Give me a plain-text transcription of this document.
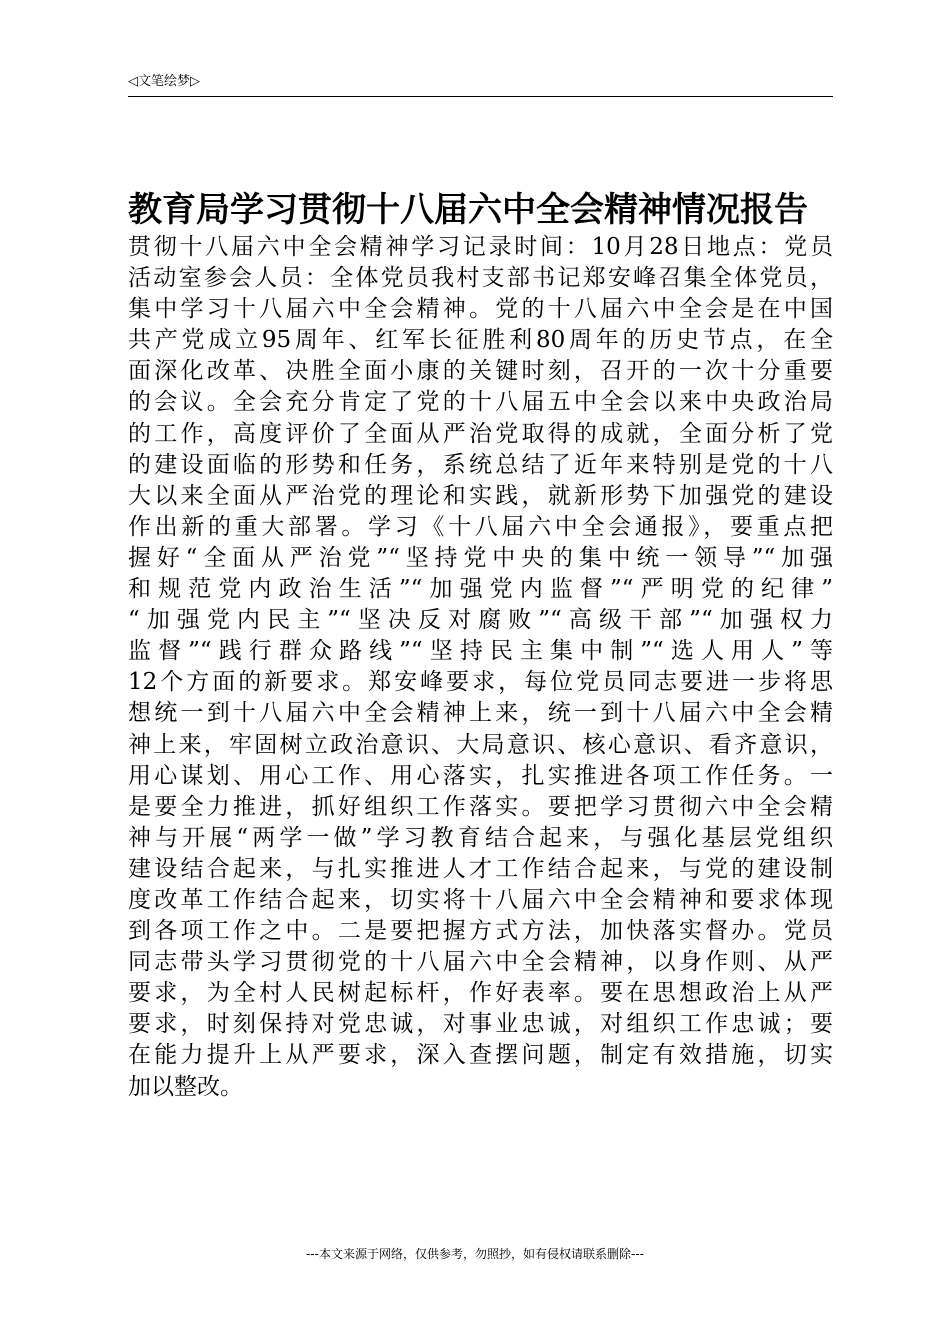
◁文笔绘梦▷
教育局学习贯彻十八届六中全会精神情况报告
贯彻十八届六中全会精神学习记录时间：10月28日地点：党员
活动室参会人员：全体党员我村支部书记郑安峰召集全体党员，
集中学习十八届六中全会精神。党的十八届六中全会是在中国
共产党成立95周年、红军长征胜利80周年的历史节点，在全
面深化改革、决胜全面小康的关键时刻，召开的一次十分重要
的会议。全会充分肯定了党的十八届五中全会以来中央政治局
的工作，高度评价了全面从严治党取得的成就，全面分析了党
的建设面临的形势和任务，系统总结了近年来特别是党的十八
大以来全面从严治党的理论和实践，就新形势下加强党的建设
作出新的重大部署。学习《十八届六中全会通报》，要重点把
握好“全面从严治党”“坚持党中央的集中统一领导”“加强
和规范党内政治生活”“加强党内监督”“严明党的纪律”
“加强党内民主”“坚决反对腐败”“高级干部”“加强权力
监督”“践行群众路线”“坚持民主集中制”“选人用人”等
12个方面的新要求。郑安峰要求，每位党员同志要进一步将思
想统一到十八届六中全会精神上来，统一到十八届六中全会精
神上来，牢固树立政治意识、大局意识、核心意识、看齐意识，
用心谋划、用心工作、用心落实，扎实推进各项工作任务。一
是要全力推进，抓好组织工作落实。要把学习贯彻六中全会精
神与开展“两学一做”学习教育结合起来，与强化基层党组织
建设结合起来，与扎实推进人才工作结合起来，与党的建设制
度改革工作结合起来，切实将十八届六中全会精神和要求体现
到各项工作之中。二是要把握方式方法，加快落实督办。党员
同志带头学习贯彻党的十八届六中全会精神，以身作则、从严
要求，为全村人民树起标杆，作好表率。要在思想政治上从严
要求，时刻保持对党忠诚，对事业忠诚，对组织工作忠诚；要
在能力提升上从严要求，深入查摆问题，制定有效措施，切实
加以整改。
---本文来源于网络，仅供参考，勿照抄，如有侵权请联系删除---
